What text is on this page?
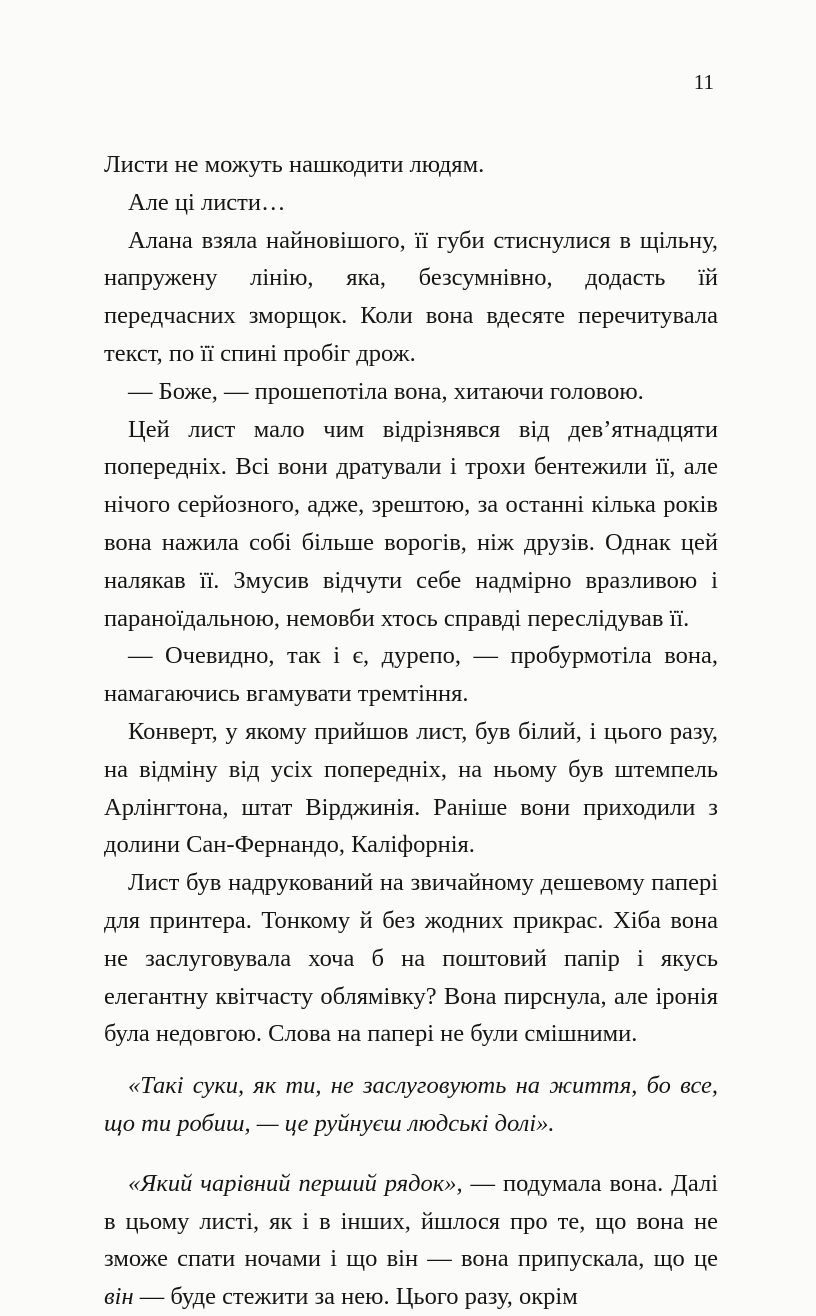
11

Листи не можуть нашкодити людям.

Але ці листи…

Алана взяла найновішого, її губи стиснулися в щільну, напружену лінію, яка, безсумнівно, додасть їй передчасних зморщок. Коли вона вдесяте перечитувала текст, по її спині пробіг дрож.

— Боже, — прошепотіла вона, хитаючи головою.

Цей лист мало чим відрізнявся від дев’ятнадцяти попередніх. Всі вони дратували і трохи бентежили її, але нічого серйозного, адже, зрештою, за останні кілька років вона нажила собі більше ворогів, ніж друзів. Однак цей налякав її. Змусив відчути себе надмірно вразливою і параноїдальною, немовби хтось справді переслідував її.

— Очевидно, так і є, дурепо, — пробурмотіла вона, намагаючись вгамувати тремтіння.

Конверт, у якому прийшов лист, був білий, і цього разу, на відміну від усіх попередніх, на ньому був штемпель Арлінгтона, штат Вірджинія. Раніше вони приходили з долини Сан-Фернандо, Каліфорнія.

Лист був надрукований на звичайному дешевому папері для принтера. Тонкому й без жодних прикрас. Хіба вона не заслуговувала хоча б на поштовий папір і якусь елегантну квітчасту облямівку? Вона пирснула, але іронія була недовгою. Слова на папері не були смішними.

«Такі суки, як ти, не заслуговують на життя, бо все, що ти робиш, — це руйнуєш людські долі».

«Який чарівний перший рядок», — подумала вона. Далі в цьому листі, як і в інших, йшлося про те, що вона не зможе спати ночами і що він — вона припускала, що це він — буде стежити за нею. Цього разу, окрім
